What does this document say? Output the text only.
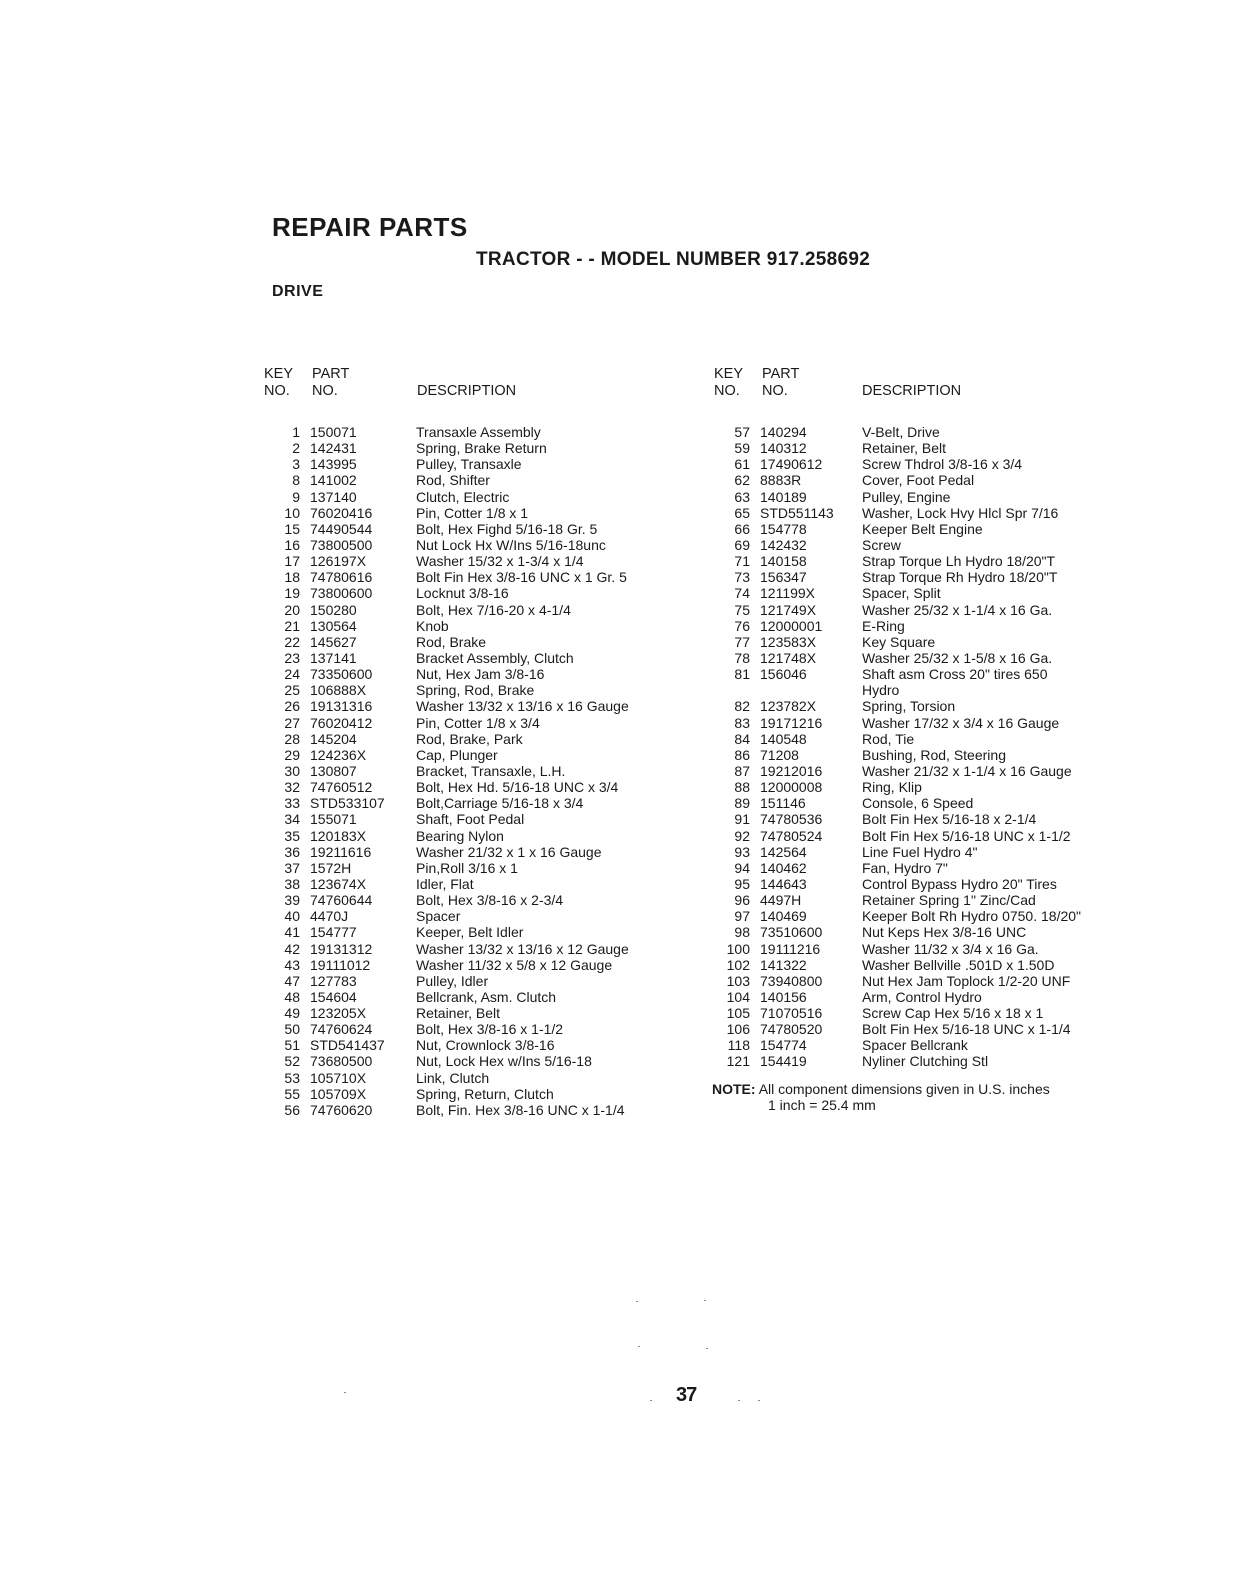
REPAIR PARTS
TRACTOR - - MODEL NUMBER 917.258692
DRIVE
KEY
NO.
PART
NO.	DESCRIPTION
1 150071	Transaxle Assembly
2 142431	Spring, Brake Return
3 143995	Pulley, Transaxle
8 141002	Rod, Shifter
9 137140	Clutch, Electric
10 76020416	Pin, Cotter 1/8 x 1
15 74490544	Bolt, Hex Fighd 5/16-18 Gr. 5
16 73800500	Nut Lock Hx W/Ins 5/16-18unc
17 126197X	Washer 15/32 x 1-3/4 x 1/4
18 74780616	Bolt Fin Hex 3/8-16 UNC x 1 Gr. 5
19 73800600	Locknut 3/8-16
20 150280	Bolt, Hex 7/16-20 x 4-1/4
21 130564	Knob
22 145627	Rod, Brake
23 137141	Bracket Assembly, Clutch
24 73350600	Nut, Hex Jam 3/8-16
25 106888X	Spring, Rod, Brake
26 19131316	Washer 13/32 x 13/16 x 16 Gauge
27 76020412	Pin, Cotter 1/8 x 3/4
28 145204	Rod, Brake, Park
29 124236X	Cap, Plunger
30 130807	Bracket, Transaxle, L.H.
32 74760512	Bolt, Hex Hd. 5/16-18 UNC x 3/4
33 STD533107 Bolt,Carriage 5/16-18 x 3/4
34 155071	Shaft, Foot Pedal
35 120183X	Bearing Nylon
36 19211616	Washer 21/32 x 1 x 16 Gauge
37 1572H	Pin,Roll 3/16 x 1
38 123674X	Idler, Flat
39 74760644	Bolt, Hex 3/8-16 x 2-3/4
40 4470J	Spacer
41 154777	Keeper, Belt Idler
42 19131312	Washer 13/32 x 13/16 x 12 Gauge
43 19111012	Washer 11/32 x 5/8 x 12 Gauge
47 127783	Pulley, Idler
48 154604	Bellcrank, Asm. Clutch
49 123205X	Retainer, Belt
50 74760624	Bolt, Hex 3/8-16 x 1-1/2
51 STD541437 Nut, Crownlock 3/8-16
52 73680500	Nut, Lock Hex w/Ins 5/16-18
53 105710X	Link, Clutch
55 105709X	Spring, Return, Clutch
56 74760620	Bolt, Fin. Hex 3/8-16 UNC x 1-1/4
KEY
NO.
PART
NO.	DESCRIPTION
57 140294	V-Belt, Drive
59 140312	Retainer, Belt
61 17490612	Screw Thdrol 3/8-16 x 3/4
62 8883R	Cover, Foot Pedal
63 140189	Pulley, Engine
65 STD551143 Washer, Lock Hvy Hlcl Spr 7/16
66 154778	Keeper Belt Engine
69 142432	Screw
71 140158	Strap Torque Lh Hydro 18/20"T
73 156347	Strap Torque Rh Hydro 18/20"T
74 121199X	Spacer, Split
75 121749X	Washer 25/32 x 1-1/4 x 16 Ga.
76 12000001	E-Ring
77 123583X	Key Square
78 121748X	Washer 25/32 x 1-5/8 x 16 Ga.
81 156046	Shaft asm Cross 20" tires 650
Hydro
82 123782X	Spring, Torsion
83 19171216	Washer 17/32 x 3/4 x 16 Gauge
84 140548	Rod, Tie
86 71208	Bushing, Rod, Steering
87 19212016	Washer 21/32 x 1-1/4 x 16 Gauge
88 12000008	Ring, Klip
89 151146	Console, 6 Speed
91 74780536	Bolt Fin Hex 5/16-18 x 2-1/4
92 74780524	Bolt Fin Hex 5/16-18 UNC x 1-1/2
93 142564	Line Fuel Hydro 4"
94 140462	Fan, Hydro 7"
95 144643	Control Bypass Hydro 20" Tires
96 4497H	Retainer Spring 1" Zinc/Cad
97 140469	Keeper Bolt Rh Hydro 0750. 18/20"
98 73510600	Nut Keps Hex 3/8-16 UNC
100 19111216	Washer 11/32 x 3/4 x 16 Ga.
102 141322	Washer Bellville .501D x 1.50D
103 73940800	Nut Hex Jam Toplock 1/2-20 UNF
104 140156	Arm, Control Hydro
105 71070516	Screw Cap Hex 5/16 x 18 x 1
106 74780520	Bolt Fin Hex 5/16-18 UNC x 1-1/4
118 154774	Spacer Bellcrank
121 154419	Nyliner Clutching Stl
NOTE: All component dimensions given in U.S. inches
1 inch = 25.4 mm
37
